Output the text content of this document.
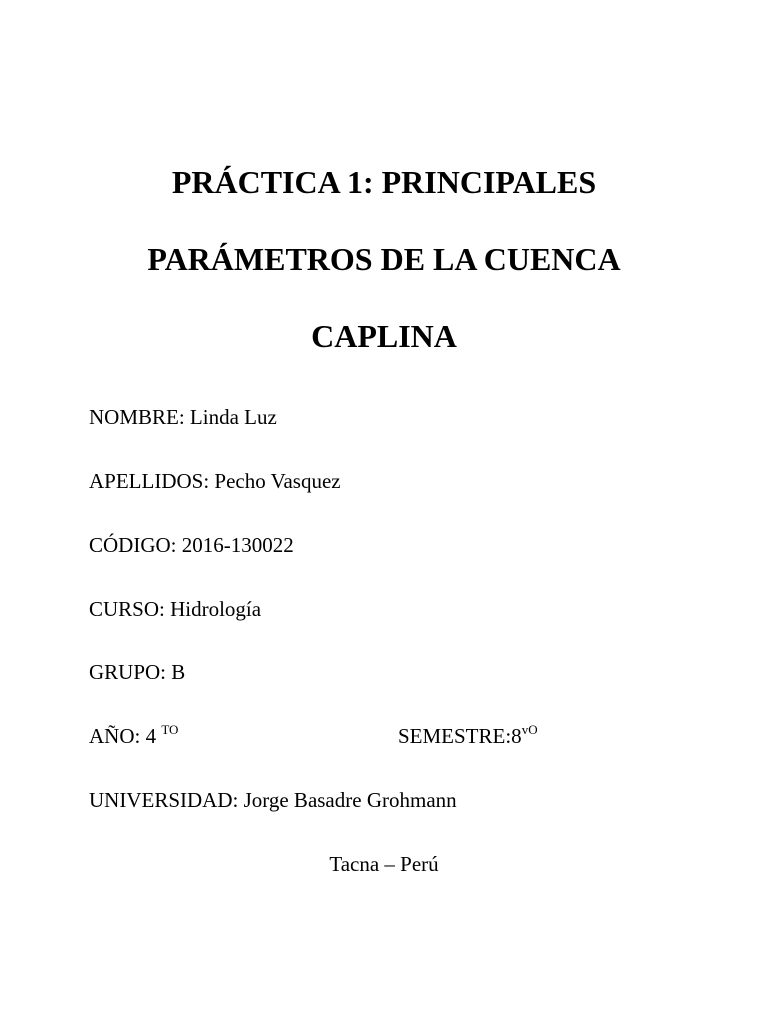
PRÁCTICA 1: PRINCIPALES
PARÁMETROS DE LA CUENCA
CAPLINA
NOMBRE: Linda Luz
APELLIDOS: Pecho Vasquez
CÓDIGO: 2016-130022
CURSO: Hidrología
GRUPO: B
AÑO: 4 $^{TO}$	$SEMESTRE:8^{vO}$
UNIVERSIDAD: Jorge Basadre Grohmann
Tacna – Perú
